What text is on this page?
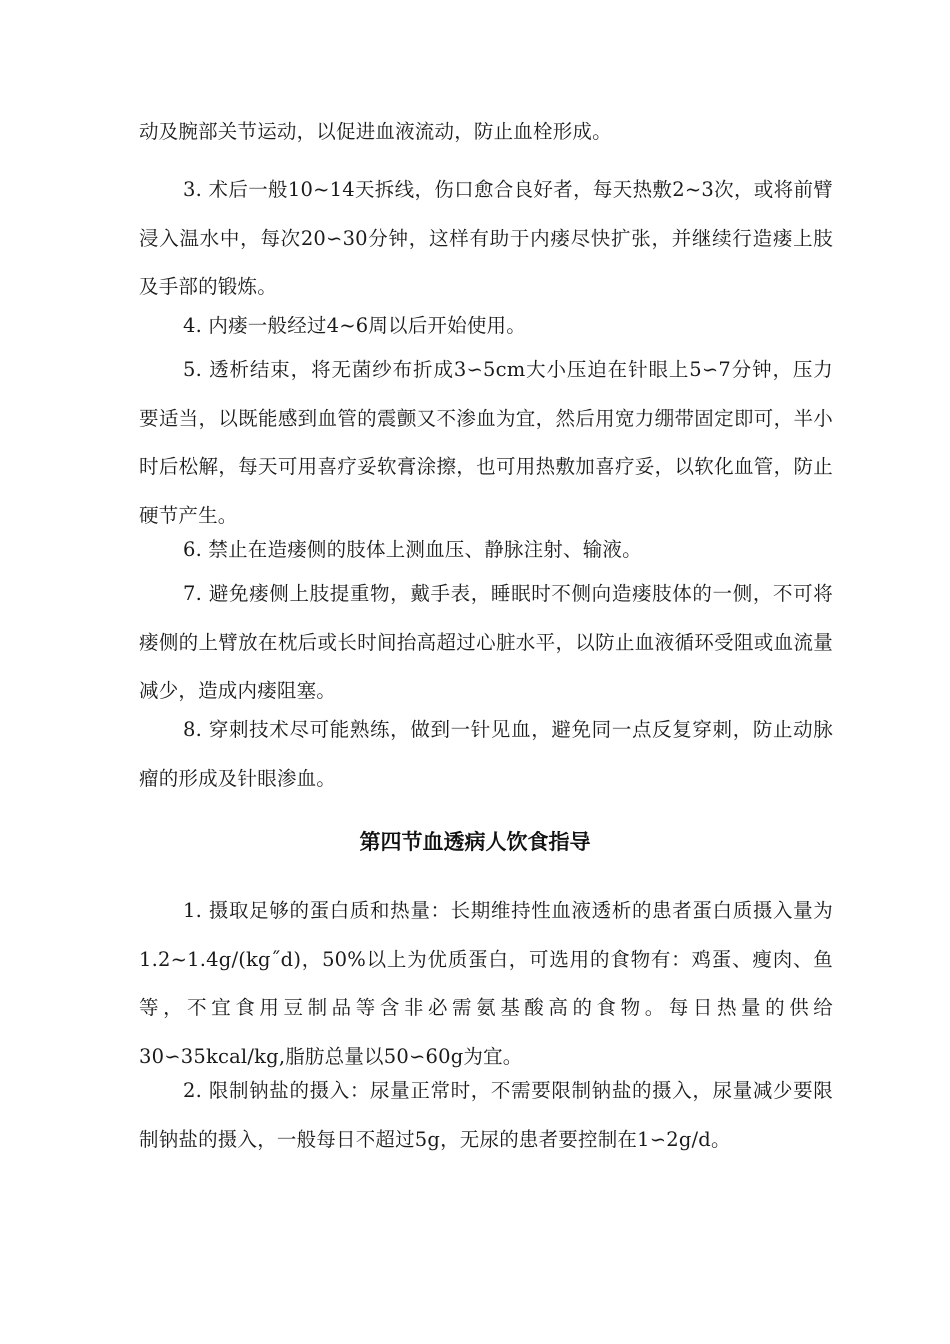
动及腕部关节运动，以促进血液流动，防止血栓形成。

3. 术后一般10~14天拆线，伤口愈合良好者，每天热敷2~3次，或将前臂浸入温水中，每次20∽30分钟，这样有助于内瘘尽快扩张，并继续行造瘘上肢及手部的锻炼。

4. 内瘘一般经过4~6周以后开始使用。

5. 透析结束，将无菌纱布折成3∽5cm大小压迫在针眼上5∽7分钟，压力要适当，以既能感到血管的震颤又不渗血为宜，然后用宽力绷带固定即可，半小时后松解，每天可用喜疗妥软膏涂擦，也可用热敷加喜疗妥，以软化血管，防止硬节产生。

6. 禁止在造瘘侧的肢体上测血压、静脉注射、输液。

7. 避免瘘侧上肢提重物，戴手表，睡眠时不侧向造瘘肢体的一侧，不可将瘘侧的上臂放在枕后或长时间抬高超过心脏水平，以防止血液循环受阻或血流量减少，造成内瘘阻塞。

8. 穿刺技术尽可能熟练，做到一针见血，避免同一点反复穿刺，防止动脉瘤的形成及针眼渗血。

第四节血透病人饮食指导

1. 摄取足够的蛋白质和热量：长期维持性血液透析的患者蛋白质摄入量为1.2~1.4g/(kg˝d)，50%以上为优质蛋白，可选用的食物有：鸡蛋、瘦肉、鱼等，不宜食用豆制品等含非必需氨基酸高的食物。每日热量的供给30∽35kcal/kg,脂肪总量以50∽60g为宜。

2. 限制钠盐的摄入：尿量正常时，不需要限制钠盐的摄入，尿量减少要限制钠盐的摄入，一般每日不超过5g，无尿的患者要控制在1∽2g/d。
